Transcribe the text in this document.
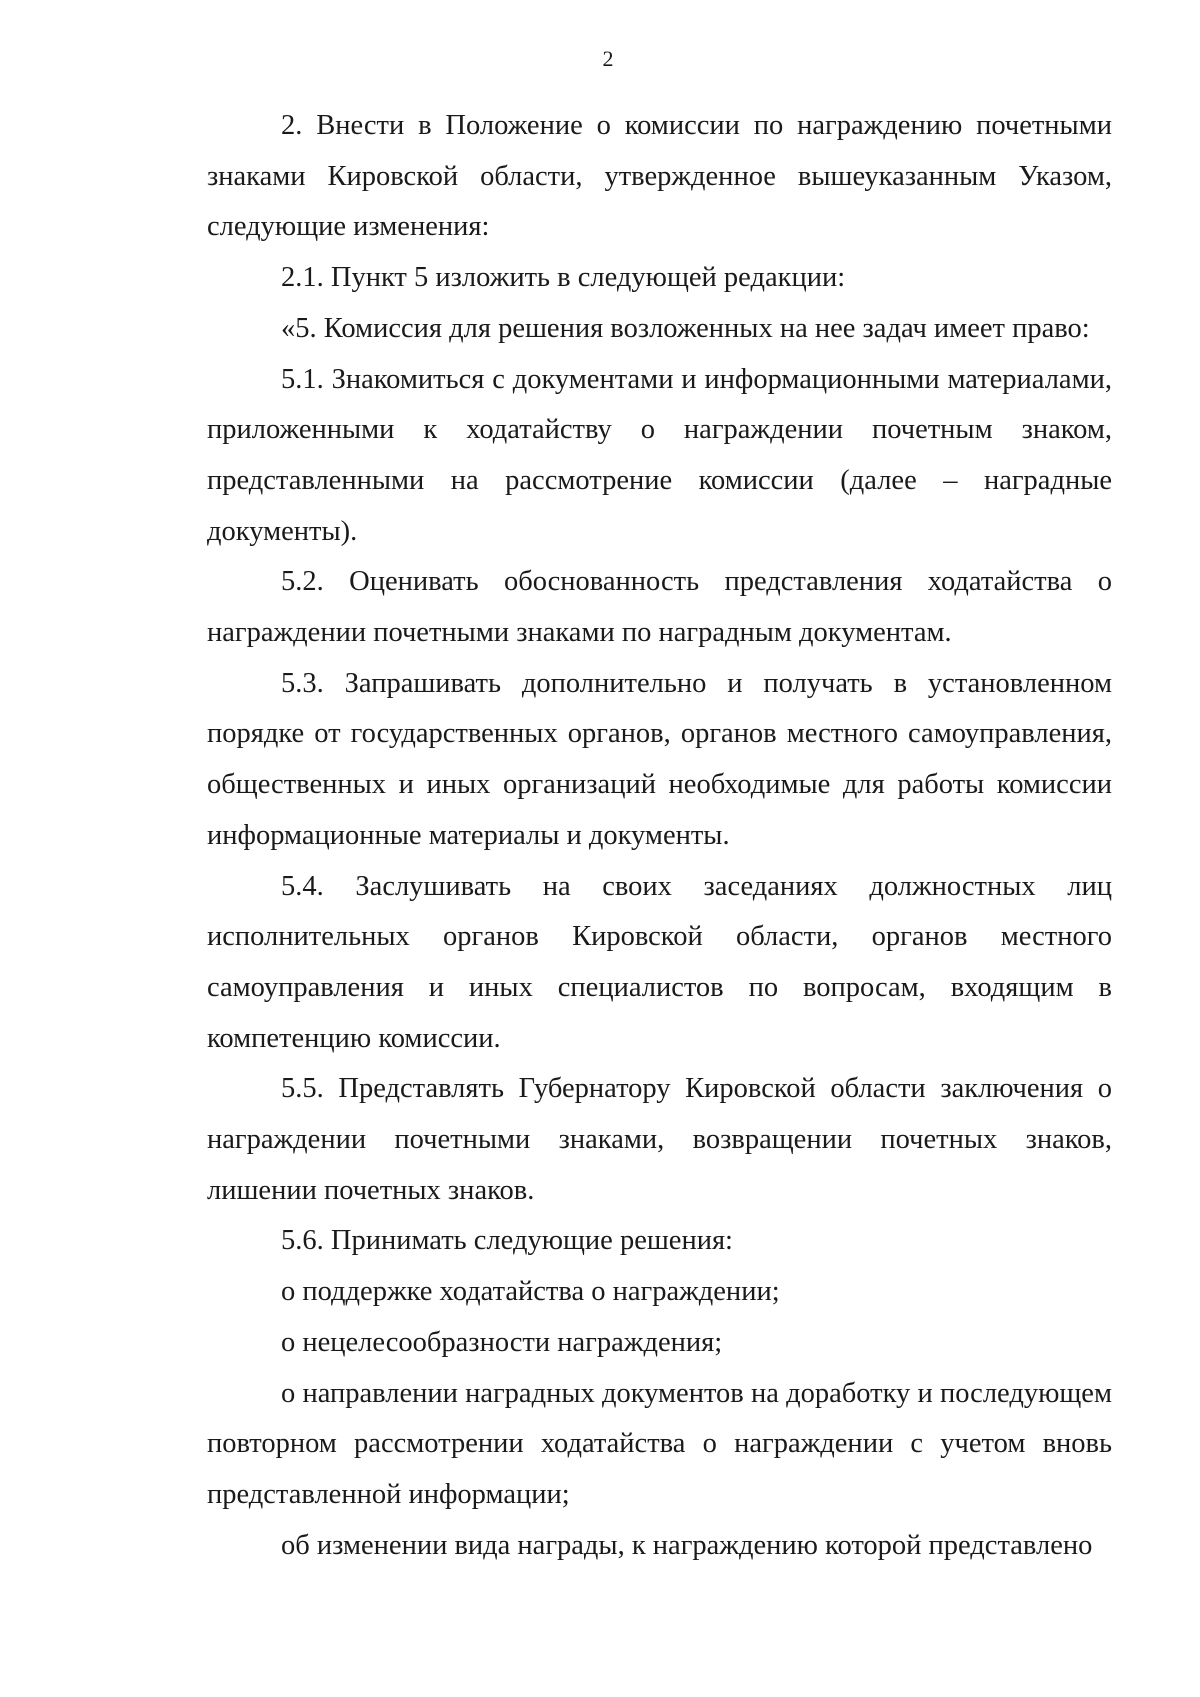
2

2. Внести в Положение о комиссии по награждению почетными знаками Кировской области, утвержденное вышеуказанным Указом, следующие изменения:

2.1. Пункт 5 изложить в следующей редакции:

«5. Комиссия для решения возложенных на нее задач имеет право:

5.1. Знакомиться с документами и информационными материалами, приложенными к ходатайству о награждении почетным знаком, представленными на рассмотрение комиссии (далее – наградные документы).

5.2. Оценивать обоснованность представления ходатайства о награждении почетными знаками по наградным документам.

5.3. Запрашивать дополнительно и получать в установленном порядке от государственных органов, органов местного самоуправления, общественных и иных организаций необходимые для работы комиссии информационные материалы и документы.

5.4. Заслушивать на своих заседаниях должностных лиц исполнительных органов Кировской области, органов местного самоуправления и иных специалистов по вопросам, входящим в компетенцию комиссии.

5.5. Представлять Губернатору Кировской области заключения о награждении почетными знаками, возвращении почетных знаков, лишении почетных знаков.

5.6. Принимать следующие решения:

о поддержке ходатайства о награждении;

о нецелесообразности награждения;

о направлении наградных документов на доработку и последующем повторном рассмотрении ходатайства о награждении с учетом вновь представленной информации;

об изменении вида награды, к награждению которой представлено
